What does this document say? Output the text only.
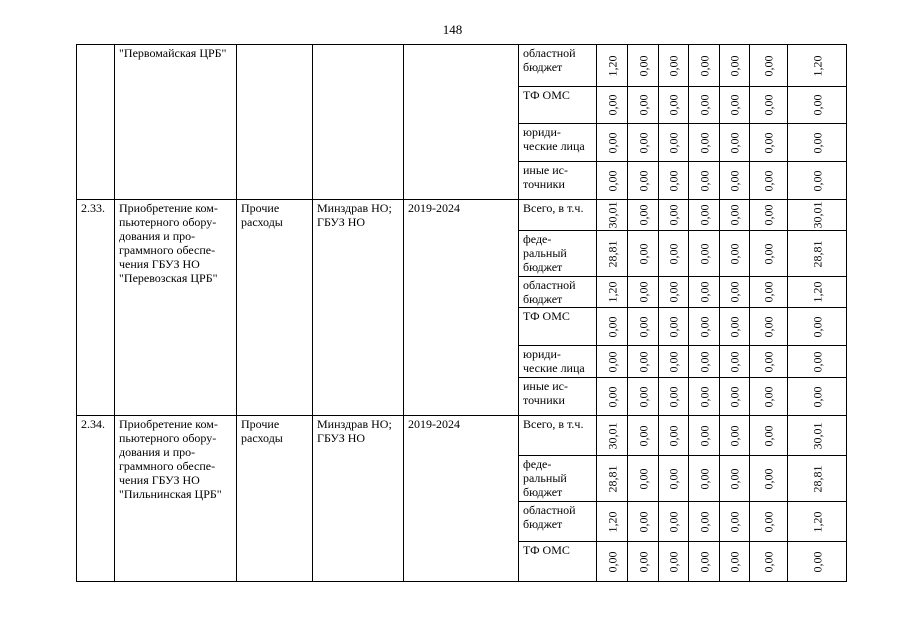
148
	"Первомайская ЦРБ"				областной бюджет	1,20	0,00	0,00	0,00	0,00	0,00	1,20

					ТФ ОМС	0,00	0,00	0,00	0,00	0,00	0,00	0,00

					юриди-ческие лица	0,00	0,00	0,00	0,00	0,00	0,00	0,00

					иные ис-точники	0,00	0,00	0,00	0,00	0,00	0,00	0,00

2.33.	Приобретение ком-пьютерного обору-дования и про-граммного обеспе-чения ГБУЗ НО "Перевозская ЦРБ"	Прочие расходы	Минздрав НО; ГБУЗ НО	2019-2024	Всего, в т.ч.	30,01	0,00	0,00	0,00	0,00	0,00	30,01

					феде-ральный бюджет	28,81	0,00	0,00	0,00	0,00	0,00	28,81

					областной бюджет	1,20	0,00	0,00	0,00	0,00	0,00	1,20

					ТФ ОМС	0,00	0,00	0,00	0,00	0,00	0,00	0,00

					юриди-ческие лица	0,00	0,00	0,00	0,00	0,00	0,00	0,00

					иные ис-точники	0,00	0,00	0,00	0,00	0,00	0,00	0,00

2.34.	Приобретение ком-пьютерного обору-дования и про-граммного обеспе-чения ГБУЗ НО "Пильнинская ЦРБ"	Прочие расходы	Минздрав НО; ГБУЗ НО	2019-2024	Всего, в т.ч.	30,01	0,00	0,00	0,00	0,00	0,00	30,01

					феде-ральный бюджет	28,81	0,00	0,00	0,00	0,00	0,00	28,81

					областной бюджет	1,20	0,00	0,00	0,00	0,00	0,00	1,20

					ТФ ОМС	0,00	0,00	0,00	0,00	0,00	0,00	0,00
